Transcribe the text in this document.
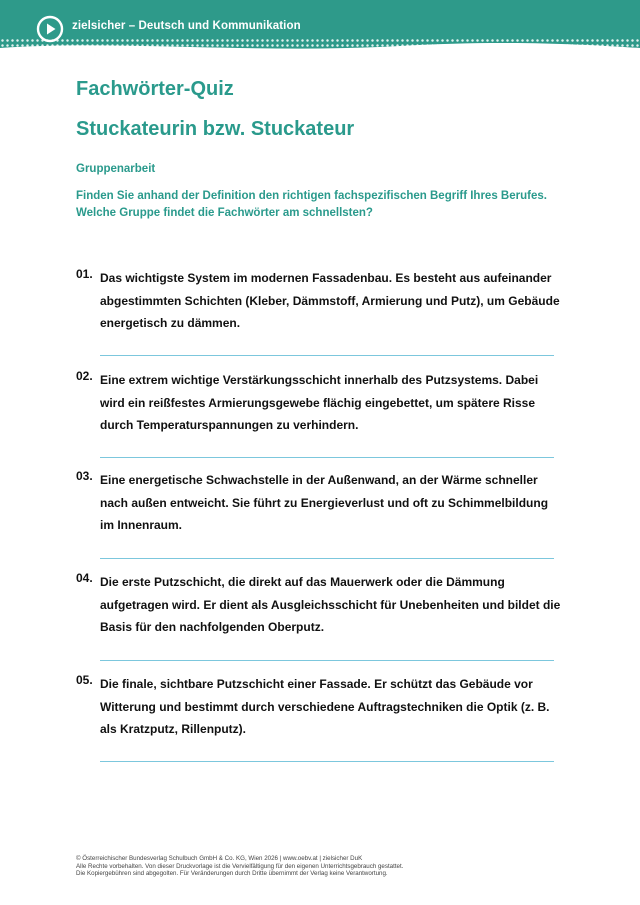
zielsicher – Deutsch und Kommunikation
Fachwörter-Quiz
Stuckateurin bzw. Stuckateur
Gruppenarbeit
Finden Sie anhand der Definition den richtigen fachspezifischen Begriff Ihres Berufes. Welche Gruppe findet die Fachwörter am schnellsten?
01. Das wichtigste System im modernen Fassadenbau. Es besteht aus aufeinander abgestimmten Schichten (Kleber, Dämmstoff, Armierung und Putz), um Gebäude energetisch zu dämmen.
02. Eine extrem wichtige Verstärkungsschicht innerhalb des Putzsystems. Dabei wird ein reißfestes Armierungsgewebe flächig eingebettet, um spätere Risse durch Temperaturspannungen zu verhindern.
03. Eine energetische Schwachstelle in der Außenwand, an der Wärme schneller nach außen entweicht. Sie führt zu Energieverlust und oft zu Schimmelbildung im Innenraum.
04. Die erste Putzschicht, die direkt auf das Mauerwerk oder die Dämmung aufgetragen wird. Er dient als Ausgleichsschicht für Unebenheiten und bildet die Basis für den nachfolgenden Oberputz.
05. Die finale, sichtbare Putzschicht einer Fassade. Er schützt das Gebäude vor Witterung und bestimmt durch verschiedene Auftragstechniken die Optik (z. B. als Kratzputz, Rillenputz).
© Österreichischer Bundesverlag Schulbuch GmbH & Co. KG, Wien 2026 | www.oebv.at | zielsicher DuK
Alle Rechte vorbehalten. Von dieser Druckvorlage ist die Vervielfältigung für den eigenen Unterrichtsgebrauch gestattet.
Die Kopiergebühren sind abgegolten. Für Veränderungen durch Dritte übernimmt der Verlag keine Verantwortung.
